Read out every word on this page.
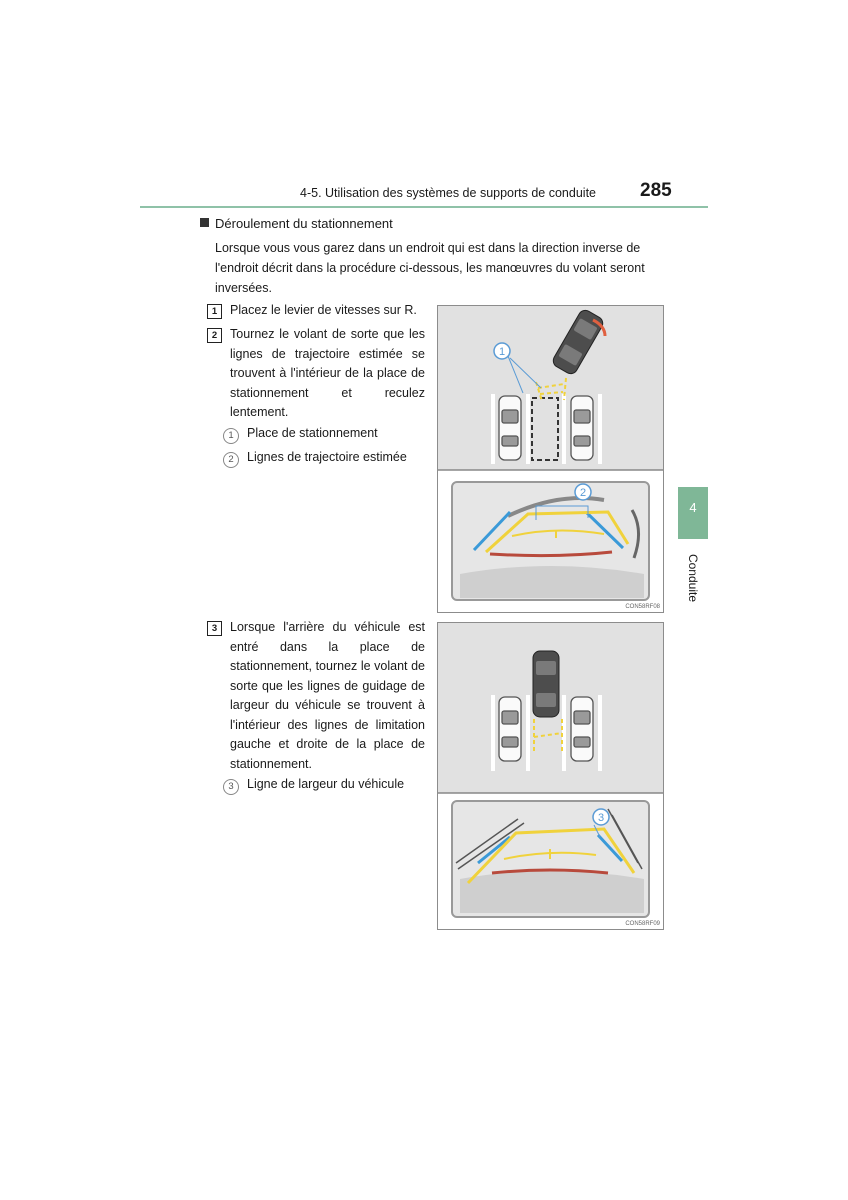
4-5. Utilisation des systèmes de supports de conduite 285
Déroulement du stationnement
Lorsque vous vous garez dans un endroit qui est dans la direction inverse de l'endroit décrit dans la procédure ci-dessous, les manœuvres du volant seront inversées.
1	Placez le levier de vitesses sur R.
2	Tournez le volant de sorte que les lignes de trajectoire estimée se trouvent à l'intérieur de la place de stationnement et reculez lentement.
1 Place de stationnement
2 Lignes de trajectoire estimée
3	Lorsque l'arrière du véhicule est entré dans la place de stationnement, tournez le volant de sorte que les lignes de guidage de largeur du véhicule se trouvent à l'intérieur des lignes de limitation gauche et droite de la place de stationnement.
3 Ligne de largeur du véhicule
1
2
CON58RF08
3
CON58RF09
4
Conduite
